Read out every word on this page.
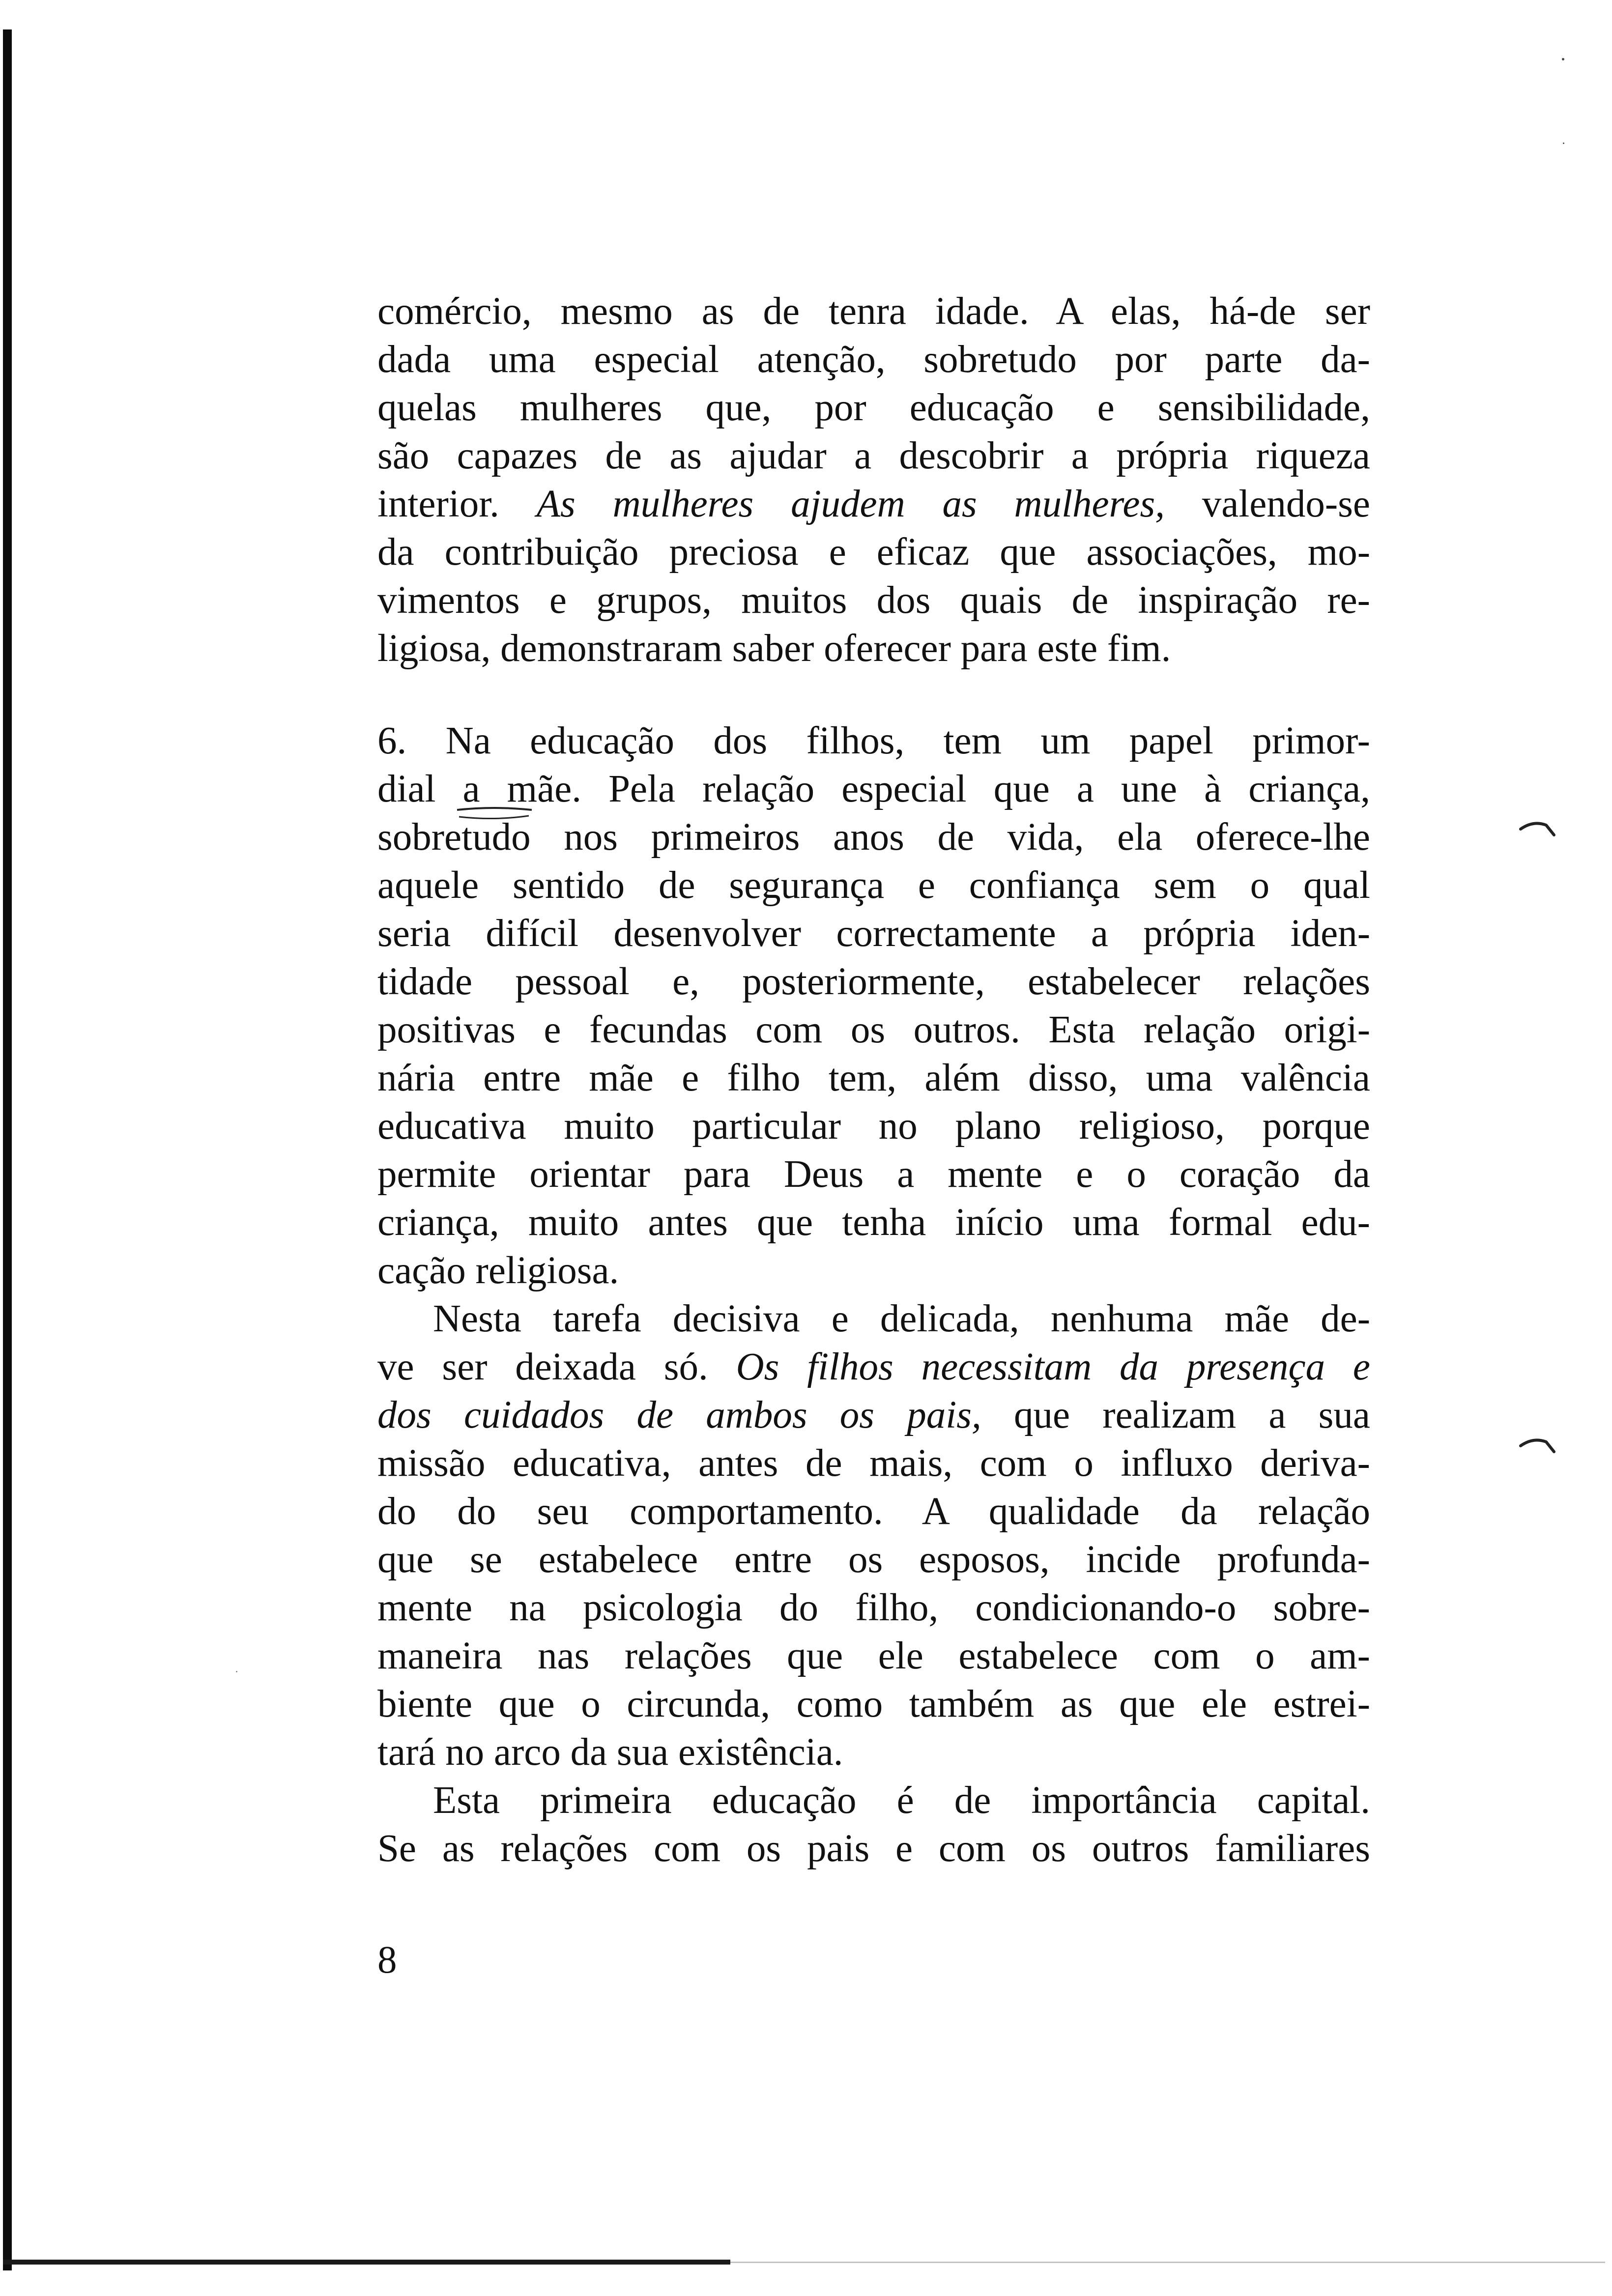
comércio, mesmo as de tenra idade. A elas, há-de ser
dada uma especial atenção, sobretudo por parte da-
quelas mulheres que, por educação e sensibilidade,
são capazes de as ajudar a descobrir a própria riqueza
interior. As mulheres ajudem as mulheres, valendo-se
da contribuição preciosa e eficaz que associações, mo-
vimentos e grupos, muitos dos quais de inspiração re-
ligiosa, demonstraram saber oferecer para este fim.
6. Na educação dos filhos, tem um papel primor-
dial a mãe. Pela relação especial que a une à criança,
sobretudo nos primeiros anos de vida, ela oferece-lhe
aquele sentido de segurança e confiança sem o qual
seria difícil desenvolver correctamente a própria iden-
tidade pessoal e, posteriormente, estabelecer relações
positivas e fecundas com os outros. Esta relação origi-
nária entre mãe e filho tem, além disso, uma valência
educativa muito particular no plano religioso, porque
permite orientar para Deus a mente e o coração da
criança, muito antes que tenha início uma formal edu-
cação religiosa.
Nesta tarefa decisiva e delicada, nenhuma mãe de-
ve ser deixada só. Os filhos necessitam da presença e
dos cuidados de ambos os pais, que realizam a sua
missão educativa, antes de mais, com o influxo deriva-
do do seu comportamento. A qualidade da relação
que se estabelece entre os esposos, incide profunda-
mente na psicologia do filho, condicionando-o sobre-
maneira nas relações que ele estabelece com o am-
biente que o circunda, como também as que ele estrei-
tará no arco da sua existência.
Esta primeira educação é de importância capital.
Se as relações com os pais e com os outros familiares
8
